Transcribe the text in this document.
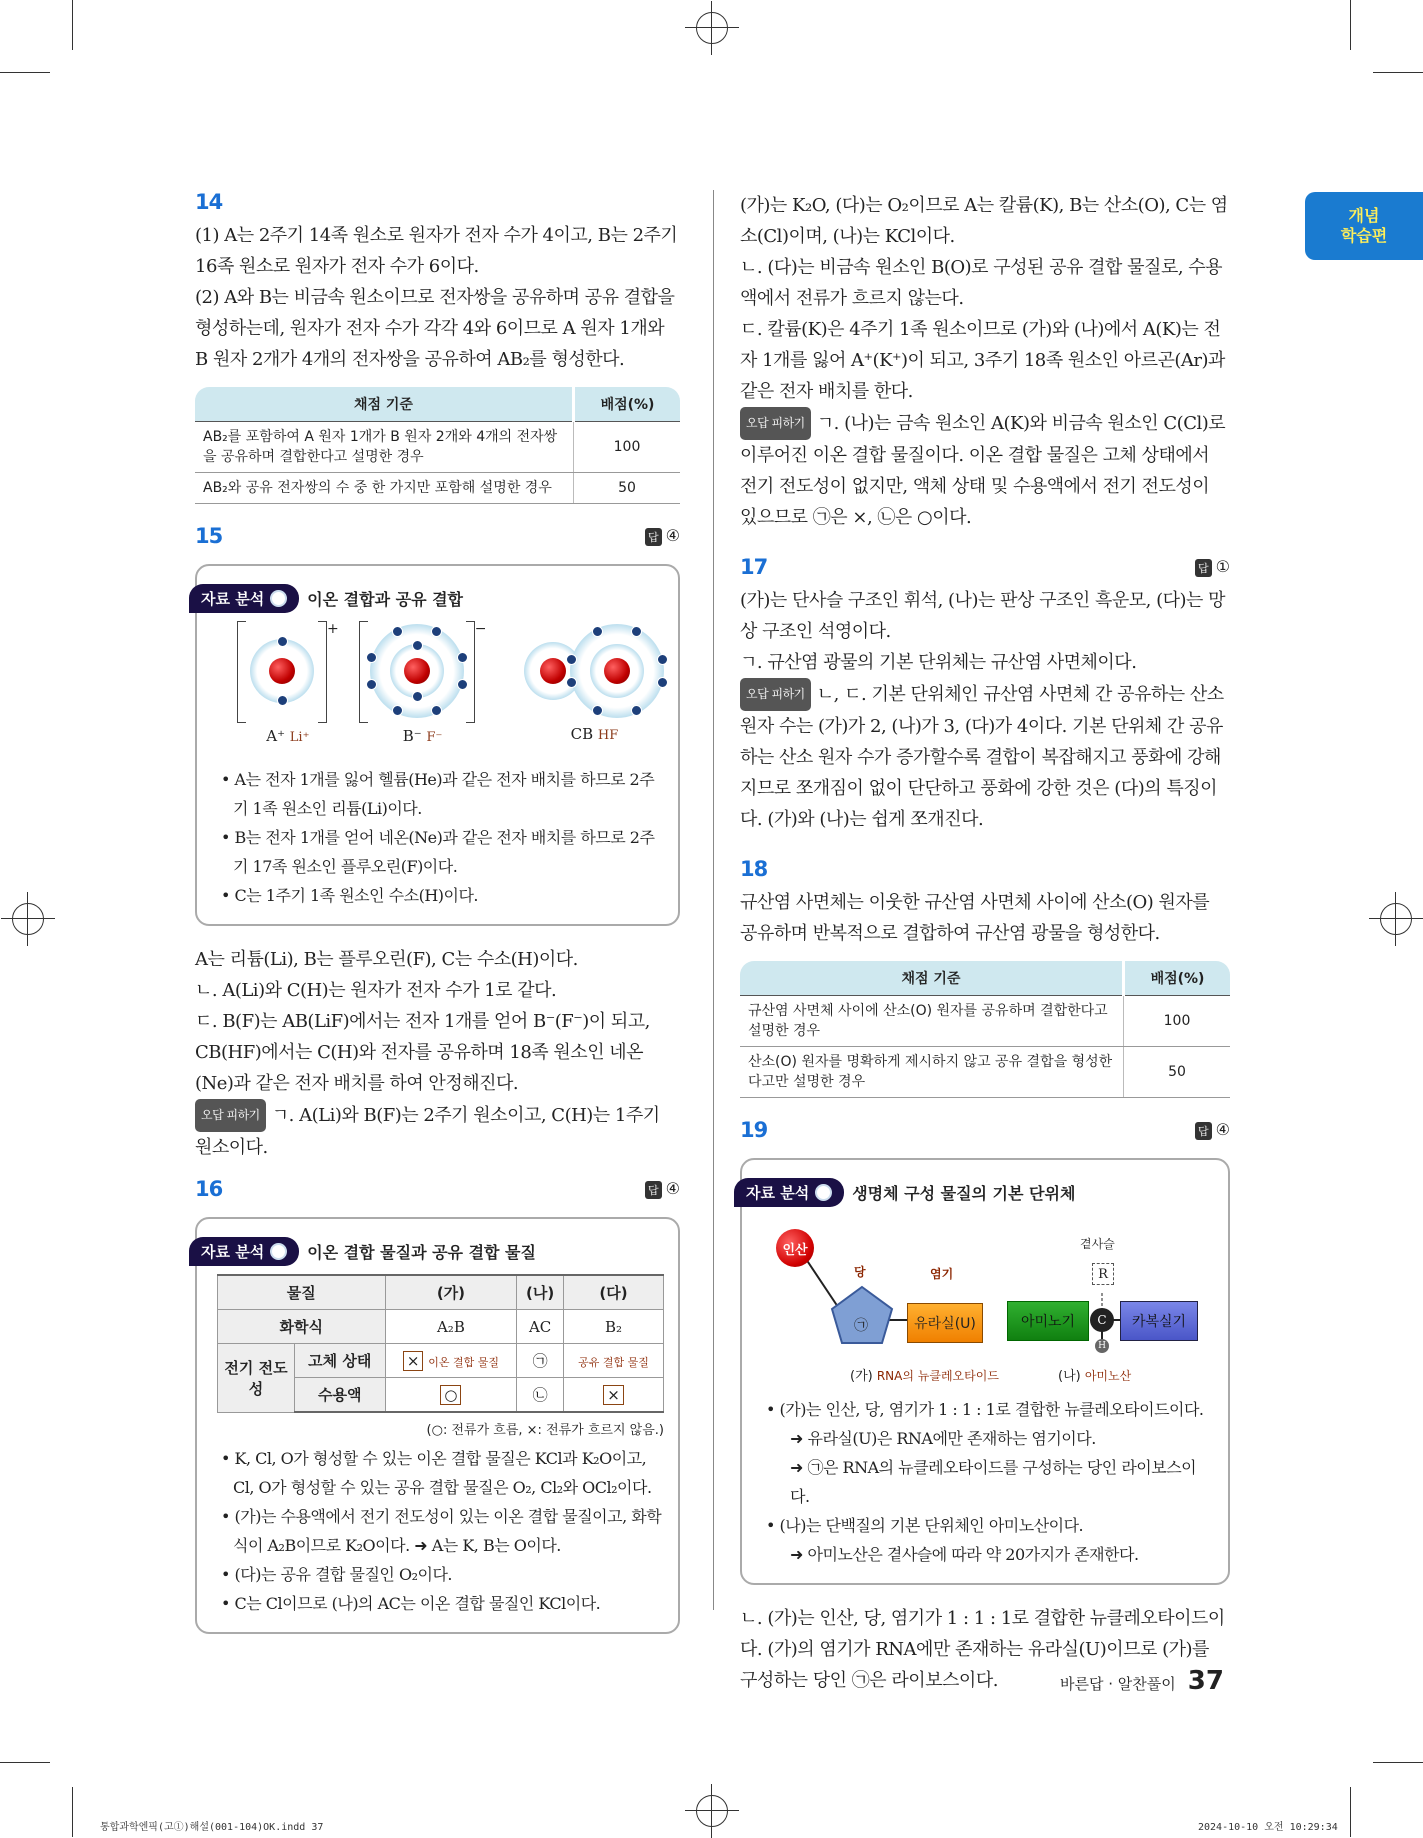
개념
학습편
14

(1) A는 2주기 14족 원소로 원자가 전자 수가 4이고, B는 2주기 16족 원소로 원자가 전자 수가 6이다.

(2) A와 B는 비금속 원소이므로 전자쌍을 공유하며 공유 결합을 형성하는데, 원자가 전자 수가 각각 4와 6이므로 A 원자 1개와 B 원자 2개가 4개의 전자쌍을 공유하여 AB₂를 형성한다.

채점 기준	배점(%)
AB₂를 포함하여 A 원자 1개가 B 원자 2개와 4개의 전자쌍을 공유하며 결합한다고 설명한 경우	100
AB₂와 공유 전자쌍의 수 중 한 가지만 포함해 설명한 경우	50
15	답 ④
자료 분석	이온 결합과 공유 결합
+
A⁺ Li⁺
−
B⁻ F⁻	CB HF

• A는 전자 1개를 잃어 헬륨(He)과 같은 전자 배치를 하므로 2주기 1족 원소인 리튬(Li)이다.

• B는 전자 1개를 얻어 네온(Ne)과 같은 전자 배치를 하므로 2주기 17족 원소인 플루오린(F)이다.

• C는 1주기 1족 원소인 수소(H)이다.

A는 리튬(Li), B는 플루오린(F), C는 수소(H)이다.

ㄴ. A(Li)와 C(H)는 원자가 전자 수가 1로 같다.

ㄷ. B(F)는 AB(LiF)에서는 전자 1개를 얻어 B⁻(F⁻)이 되고, CB(HF)에서는 C(H)와 전자를 공유하며 18족 원소인 네온(Ne)과 같은 전자 배치를 하여 안정해진다.

오답 피하기 ㄱ. A(Li)와 B(F)는 2주기 원소이고, C(H)는 1주기 원소이다.

16	답 ④
자료 분석	이온 결합 물질과 공유 결합 물질
물질		(가)	(나)	(다)
화학식		A₂B	AC	B₂
전기 전도성	고체 상태	× 이온 결합 물질	㉠	공유 결합 물질
	수용액	○	㉡	×
(○: 전류가 흐름, ×: 전류가 흐르지 않음.)

• K, Cl, O가 형성할 수 있는 이온 결합 물질은 KCl과 K₂O이고, Cl, O가 형성할 수 있는 공유 결합 물질은 O₂, Cl₂와 OCl₂이다.

• (가)는 수용액에서 전기 전도성이 있는 이온 결합 물질이고, 화학식이 A₂B이므로 K₂O이다. ➜ A는 K, B는 O이다.

• (다)는 공유 결합 물질인 O₂이다.

• C는 Cl이므로 (나)의 AC는 이온 결합 물질인 KCl이다.

(가)는 K₂O, (다)는 O₂이므로 A는 칼륨(K), B는 산소(O), C는 염소(Cl)이며, (나)는 KCl이다.

ㄴ. (다)는 비금속 원소인 B(O)로 구성된 공유 결합 물질로, 수용액에서 전류가 흐르지 않는다.

ㄷ. 칼륨(K)은 4주기 1족 원소이므로 (가)와 (나)에서 A(K)는 전자 1개를 잃어 A⁺(K⁺)이 되고, 3주기 18족 원소인 아르곤(Ar)과 같은 전자 배치를 한다.

오답 피하기 ㄱ. (나)는 금속 원소인 A(K)와 비금속 원소인 C(Cl)로 이루어진 이온 결합 물질이다. 이온 결합 물질은 고체 상태에서 전기 전도성이 없지만, 액체 상태 및 수용액에서 전기 전도성이 있으므로 ㉠은 ×, ㉡은 ○이다.

17	답 ①

(가)는 단사슬 구조인 휘석, (나)는 판상 구조인 흑운모, (다)는 망상 구조인 석영이다.

ㄱ. 규산염 광물의 기본 단위체는 규산염 사면체이다.

오답 피하기 ㄴ, ㄷ. 기본 단위체인 규산염 사면체 간 공유하는 산소 원자 수는 (가)가 2, (나)가 3, (다)가 4이다. 기본 단위체 간 공유하는 산소 원자 수가 증가할수록 결합이 복잡해지고 풍화에 강해지므로 쪼개짐이 없이 단단하고 풍화에 강한 것은 (다)의 특징이다. (가)와 (나)는 쉽게 쪼개진다.

18

규산염 사면체는 이웃한 규산염 사면체 사이에 산소(O) 원자를 공유하며 반복적으로 결합하여 규산염 광물을 형성한다.

채점 기준	배점(%)
규산염 사면체 사이에 산소(O) 원자를 공유하며 결합한다고 설명한 경우	100
산소(O) 원자를 명확하게 제시하지 않고 공유 결합을 형성한다고만 설명한 경우	50
19	답 ④
자료 분석	생명체 구성 물질의 기본 단위체
인산
당
㉠
염기
유라실(U)
곁사슬
R
아미노기	C
H
카복실기
(가) RNA의 뉴클레오타이드	(나) 아미노산

• (가)는 인산, 당, 염기가 1 : 1 : 1로 결합한 뉴클레오타이드이다.

➜ 유라실(U)은 RNA에만 존재하는 염기이다.

➜ ㉠은 RNA의 뉴클레오타이드를 구성하는 당인 라이보스이다.

• (나)는 단백질의 기본 단위체인 아미노산이다.

➜ 아미노산은 곁사슬에 따라 약 20가지가 존재한다.

ㄴ. (가)는 인산, 당, 염기가 1 : 1 : 1로 결합한 뉴클레오타이드이다. (가)의 염기가 RNA에만 존재하는 유라실(U)이므로 (가)를 구성하는 당인 ㉠은 라이보스이다.	바른답 · 알찬풀이 37
통합과학엔픽(고①)해설(001-104)OK.indd 37	2024-10-10 오전 10:29:34
